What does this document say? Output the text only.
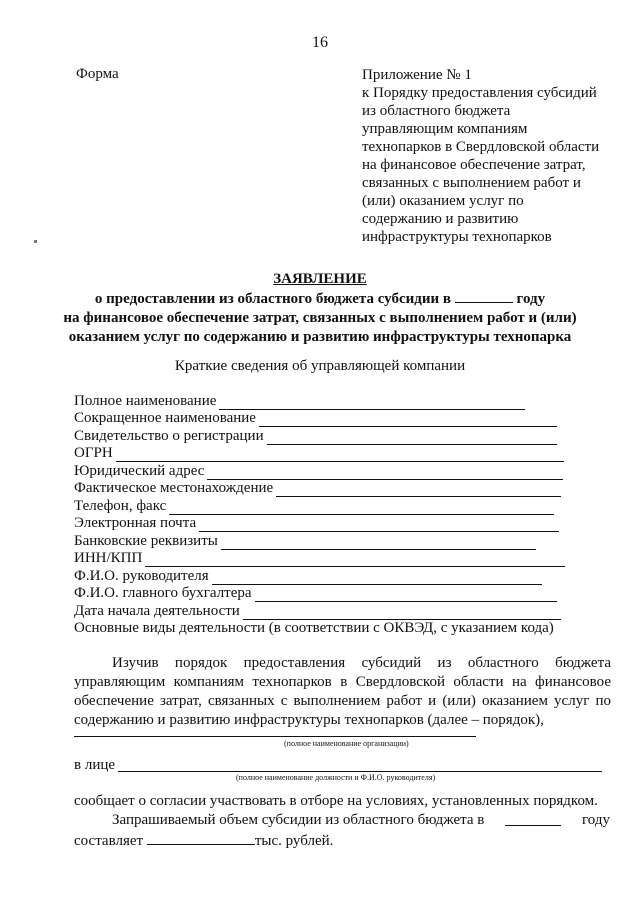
16
Форма	Приложение № 1
к Порядку предоставления субсидий
из областного бюджета
управляющим компаниям
технопарков в Свердловской области
на финансовое обеспечение затрат,
связанных с выполнением работ и
(или) оказанием услуг по
содержанию и развитию
инфраструктуры технопарков
ЗАЯВЛЕНИЕ
о предоставлении из областного бюджета субсидии в	году
на финансовое обеспечение затрат, связанных с выполнением работ и (или)
оказанием услуг по содержанию и развитию инфраструктуры технопарка
Краткие сведения об управляющей компании
Полное наименование
Сокращенное наименование
Свидетельство о регистрации
ОГРН
Юридический адрес
Фактическое местонахождение
Телефон, факс
Электронная почта
Банковские реквизиты
ИНН/КПП
Ф.И.О. руководителя
Ф.И.О. главного бухгалтера
Дата начала деятельности
Основные виды деятельности (в соответствии с ОКВЭД, с указанием кода)
Изучив порядок предоставления субсидий из областного бюджета управляющим компаниям технопарков в Свердловской области на финансовое обеспечение затрат, связанных с выполнением работ и (или) оказанием услуг по содержанию и развитию инфраструктуры технопарков (далее – порядок),
(полное наименование организации)
в лице
(полное наименование должности и Ф.И.О. руководителя)
сообщает о согласии участвовать в отборе на условиях, установленных порядком.
Запрашиваемый объем субсидии из областного бюджета в	году
составляет	тыс. рублей.
